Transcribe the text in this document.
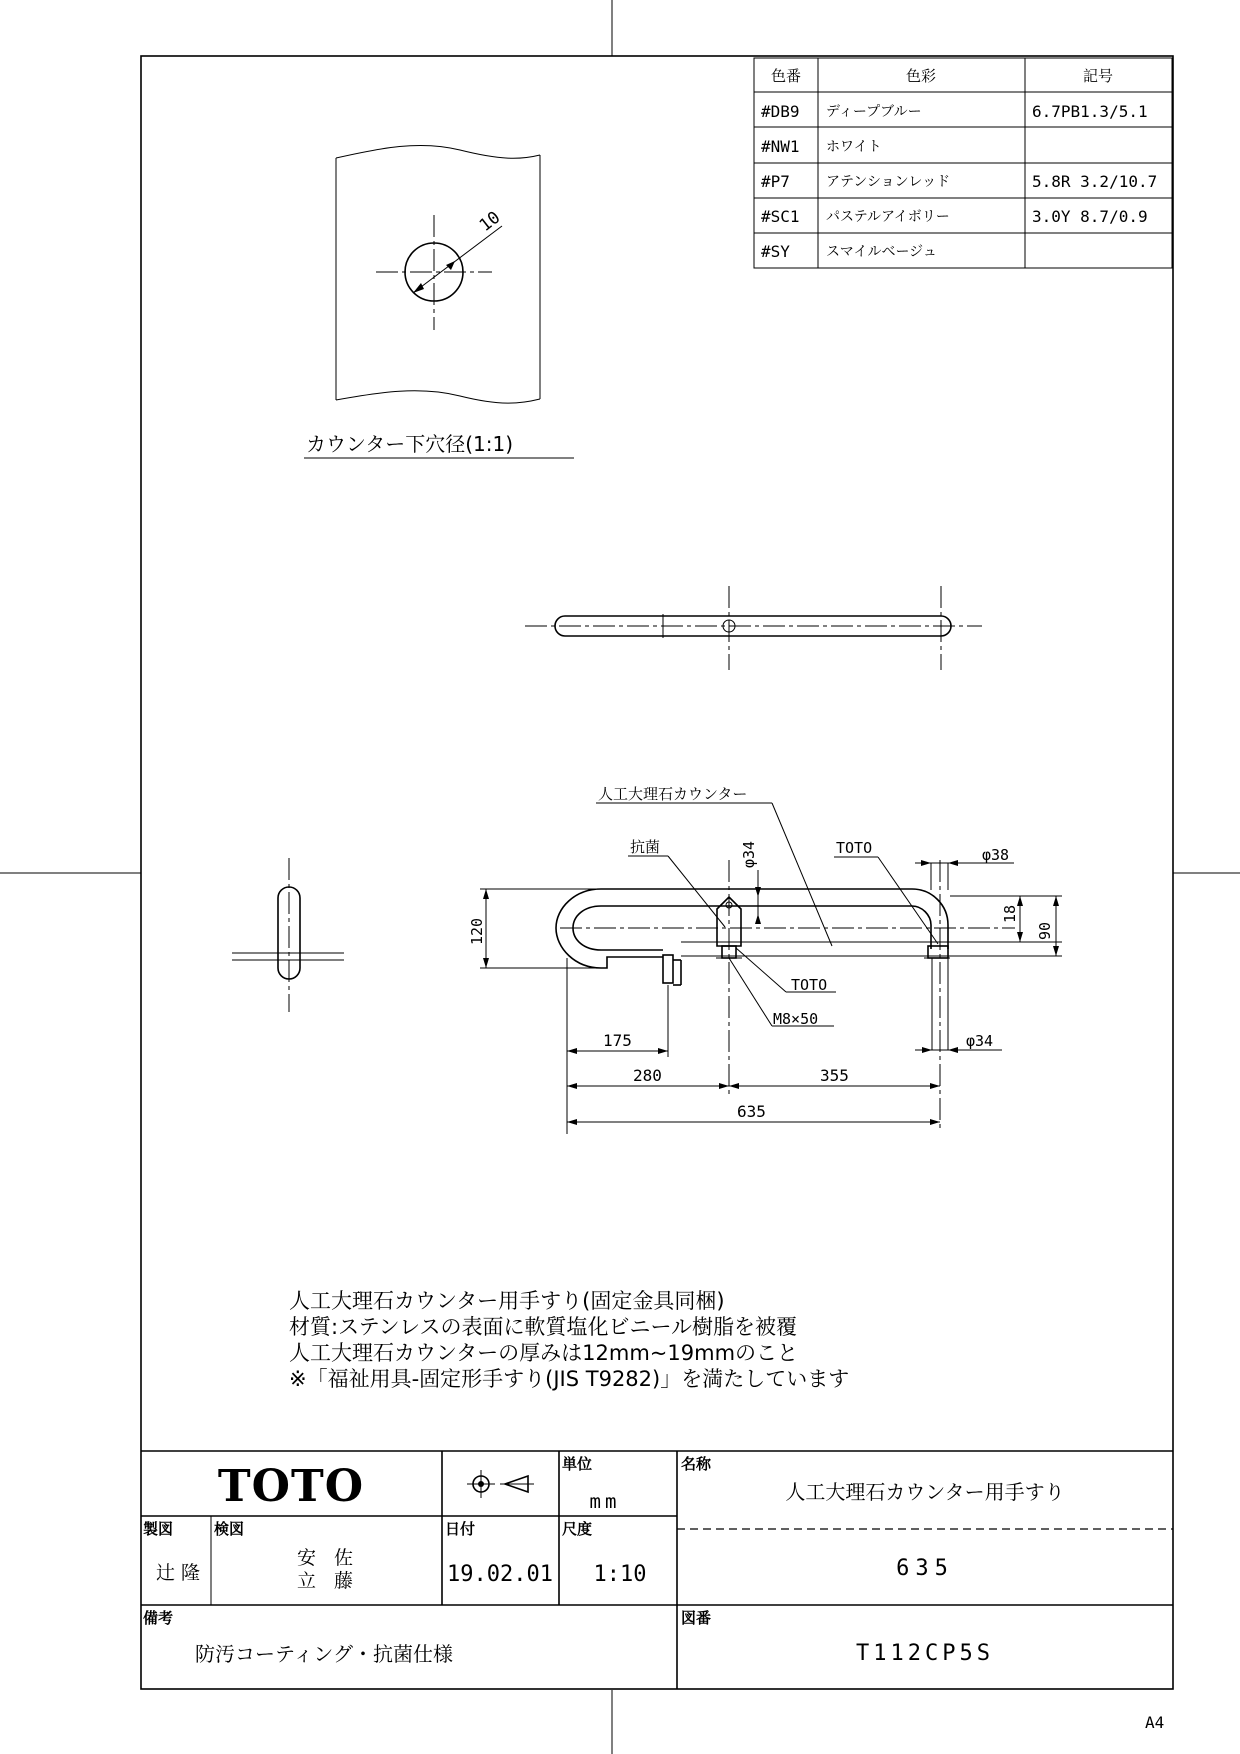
色番	色彩	記号
#DB9 ディープブルー	6.7PB1.3/5.1
#NW1 ホワイト
#P7	アテンションレッド	5.8R 3.2/10.7
#SC1 パステルアイボリー	3.0Y 8.7/0.9
#SY	スマイルベージュ
10
カウンター下穴径(1:1)
人工大理石カウンター
抗菌	φ34	TOTO	φ38
TOTO
M8×50
φ34
120
18
90
175
280	355
635
人工大理石カウンター用手すり(固定金具同梱)
材質:ステンレスの表面に軟質塩化ビニール樹脂を被覆
人工大理石カウンターの厚みは12mm~19mmのこと
※「福祉用具-固定形手すり(JIS T9282)」を満たしています
TOTO	単位
mm
名称
人工大理石カウンター用手すり
製図
辻 隆
検図
安 佐
立 藤
日付
19.02.01
尺度
1:10	635
備考
防汚コーティング・抗菌仕様
図番
T112CP5S
A4
